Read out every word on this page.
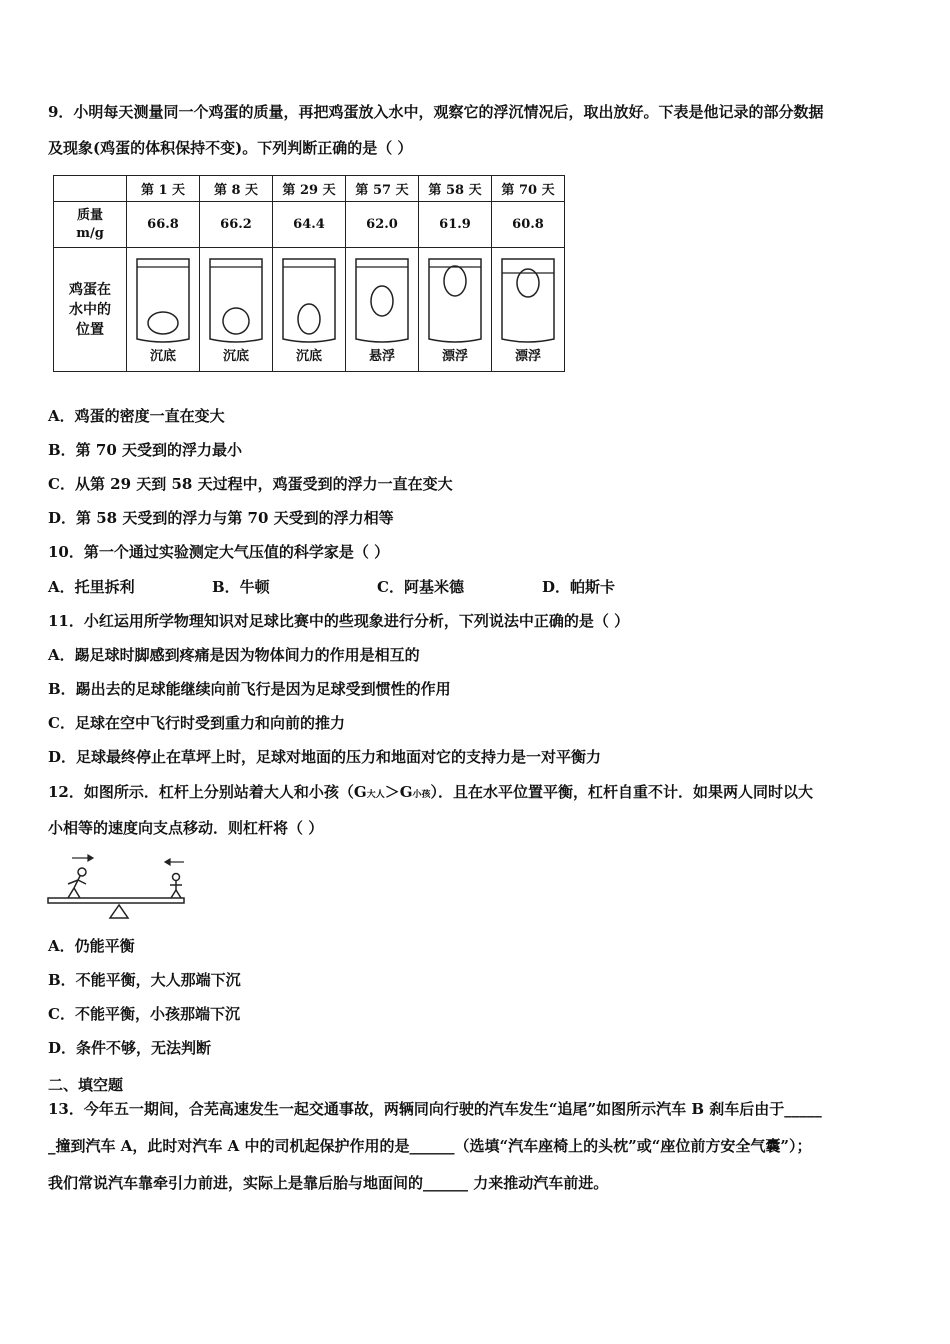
9．小明每天测量同一个鸡蛋的质量，再把鸡蛋放入水中，观察它的浮沉情况后，取出放好。下表是他记录的部分数据
及现象(鸡蛋的体积保持不变)。下列判断正确的是（ ）
	第 1 天	第 8 天	第 29 天	第 57 天	第 58 天	第 70 天
质量 m/g	66.8	66.2	64.4	62.0	61.9	60.8
鸡蛋在水中的位置	沉底	沉底	沉底	悬浮	漂浮	漂浮
A．鸡蛋的密度一直在变大
B．第 70 天受到的浮力最小
C．从第 29 天到 58 天过程中，鸡蛋受到的浮力一直在变大
D．第 58 天受到的浮力与第 70 天受到的浮力相等
10．第一个通过实验测定大气压值的科学家是（ ）
A．托里拆利	B．牛顿	C．阿基米德	D．帕斯卡
11．小红运用所学物理知识对足球比赛中的些现象进行分析，下列说法中正确的是（ ）
A．踢足球时脚感到疼痛是因为物体间力的作用是相互的
B．踢出去的足球能继续向前飞行是因为足球受到惯性的作用
C．足球在空中飞行时受到重力和向前的推力
D．足球最终停止在草坪上时，足球对地面的压力和地面对它的支持力是一对平衡力
12．如图所示．杠杆上分别站着大人和小孩（G大人＞G小孩）．且在水平位置平衡，杠杆自重不计．如果两人同时以大
小相等的速度向支点移动．则杠杆将（ ）
A．仍能平衡
B．不能平衡，大人那端下沉
C．不能平衡，小孩那端下沉
D．条件不够，无法判断
二、填空题
13．今年五一期间，合芜高速发生一起交通事故，两辆同向行驶的汽车发生“追尾”如图所示汽车 B 刹车后由于_____
_撞到汽车 A，此时对汽车 A 中的司机起保护作用的是______（选填“汽车座椅上的头枕”或“座位前方安全气囊”）；
我们常说汽车靠牵引力前进，实际上是靠后胎与地面间的______ 力来推动汽车前进。
